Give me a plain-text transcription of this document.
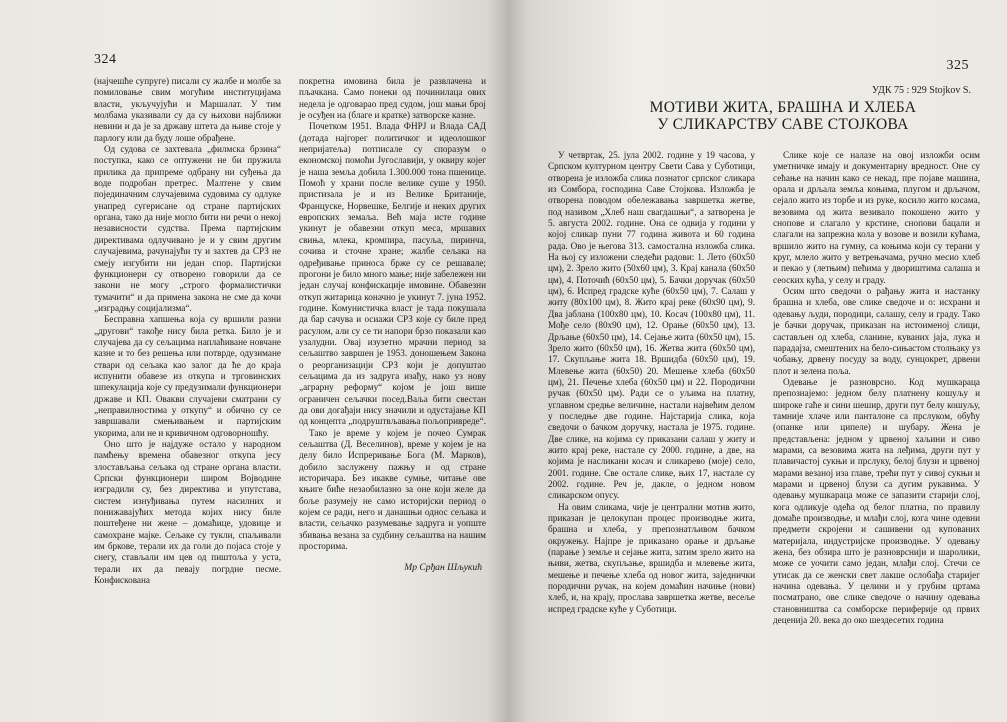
324

(најчешће супруге) писали су жалбе и молбе за помиловање свим могућим институцијама власти, укључујући и Маршалат. У тим молбама указивали су да су њихови најближи невини и да је за државу штета да њиве стоје у парлогу или да буду лоше обрађене.

Од судова се захтевала „филмска брзина“ поступка, како се оптужени не би пружила прилика да припреме одбрану ни суђења да воде подробан претрес. Малтене у свим појединачним случајевима судовима су одлуке унапред сугерисане од стране партијских органа, тако да није могло бити ни речи о некој независности судства. Према партијским директивама одлучивано је и у свим другим случајевима, рачунајући ту и захтев да СРЗ не смеју изгубити ни један споp. Партијски функционери су отворено говорили да се закони не могу „строго формалистички тумачити“ и да примена закона не сме да кочи „изградњу социјализма“.

Бесправна хапшења која су вршили разни „другови“ такође нису била ретка. Било је и случајева да су сељацима наплаћиване новчане казне и то без решења или потврде, одузимане ствари од сељака као залог да ће до краја испунити обавезе из откупа и трговинских шпекулација које су предузимали функционери државе и КП. Овакви случајеви сматрани су „неправилностима у откупу“ и обично су се завршавали смењивањем и партијским укорима, али не и кривичном одговорношћу.

Оно што је најдуже остало у народном памћењу времена обавезног откупа јесу злостављања сељака од стране органа власти. Српски функционери широм Војводине изградили су, без директива и упутстава, систем изнуђивања путем насилних и понижавајућих метода којих нису биле поштеђене ни жене – домаћице, удовице и самохране мајке. Сељаке су тукли, спаљивали им бркове, терали их да голи до појаса стоје у снегу, стављали им цев од пиштоља у уста, терали их да певају погрдне песме. Конфискована

покретна имовина била је развлачена и пљачкана. Само понеки од починилаца ових недела је одговарао пред судом, још мањи број је осуђен на (благе и кратке) затворске казне.

Почетком 1951. Влада ФНРЈ и Влада САД (дотада најгорег политичког и идеолошког непријатеља) потписале су споразум о економској помоћи Југославији, у оквиру којег је наша земља добила 1.300.000 тона пшенице. Помоћ у храни после велике суше у 1950. пристизала је и из Велике Британије, Француске, Норвешке, Белгије и неких других европских земаља. Већ маја исте године укинут је обавезни откуп меса, мршавих свиња, млека, кромпира, пасуља, пиринча, сочива и сточне хране; жалбе сељака на одређивање приноса брже су се решавале; прогони је било много мање; није забележен ни један случај конфискације имовине. Обавезни откуп житарица коначно је укинут 7. јуна 1952. године. Комунистичка власт је тада покушала да бар сачува и осиажи СРЗ које су биле пред расулом, али су се ти напори брзо показали као узалудни. Овај изузетно мрачни период за сељаштво завршен је 1953. доношењем Закона о реорганизацији СРЗ који је допуштао сељацима да из задруга изађу, нако уз нову „аграрну реформу“ којом је још више ограничен сељачки посед.Ваља бити свестан да ови догађаји нису значили и одустајање КП од концепта „подруштвљавања пољопривреде“.

Тако је време у којем је почео Сумрак сељаштва (Д. Веселинов), време у којем је на делу било Испреривање Бога (М. Марков), добило заслужену пажњу и од стране историчара. Без икакве сумње, читање ове књиге биће незаобилазно за оне који желе да боље разумеју не само историјски период о којем се ради, него и данашњи однос сељака и власти, сељачко разумевање задруга и уопште збивања везана за судбину сељаштва на нашим просторима.

Мр Срђан Шљукић
325
УДК 75 : 929 Stojkov S.
МОТИВИ ЖИТА, БРАШНА И ХЛЕБА
У СЛИКАРСТВУ САВЕ СТОЈКОВА

У четвртак, 25. јула 2002. године у 19 часова, у Српском културном центру Свети Сава у Суботици, отворена је изложба слика познатог српског сликара из Сомбора, господина Саве Стојкова. Изложба је отворена поводом обележавања завршетка жетве, под називом „Хлеб наш свагдашњи“, а затворена је 5. августа 2002. године. Она се одвија у години у којој сликар пуни 77 година живота и 60 година рада. Ово је његова 313. самостална изложба слика. На њој су изложени следећи радови: 1. Лето (60х50 цм), 2. Зрело жито (50х60 цм), 3. Крај канала (60х50 цм), 4. Поточић (60х50 цм), 5. Бачки доручак (60х50 цм), 6. Испред градске куће (60х50 цм), 7. Салаш у житу (80х100 цм), 8. Жито крај реке (60х90 цм), 9. Два јаблана (100х80 цм), 10. Косач (100х80 цм), 11. Мође село (80х90 цм), 12. Орање (60х50 цм), 13. Дрљање (60х50 цм), 14. Сејање жита (60х50 цм), 15. Зрело жито (60х50 цм), 16. Жетва жита (60х50 цм), 17. Скупљање жита 18. Вршидба (60х50 цм), 19. Млевење жита (60х50) 20. Мешење хлеба (60х50 цм), 21. Печење хлеба (60х50 цм) и 22. Породични ручак (60х50 цм). Ради се о уљима на платну, углавном средње величине, настали највећим делом у последње две године. Најстарија слика, која сведочи о бачком доручку, настала је 1975. године. Две слике, на којима су приказани салаш у житу и жито крај реке, настале су 2000. године, а две, на којима је насликани косач и сликарево (моје) село, 2001. године. Све остале слике, њих 17, настале су 2002. године. Реч је, дакле, о једном новом сликарском опусу.

На овим сликама, чије је централни мотив жито, приказан је целокупан процес производње жита, брашна и хлеба, у препознатљивом бачком окружењу. Најпре је приказано орање и дрљање (парање ) земље и сејање жита, затим зрело жито на њиви, жетва, скупљање, вршидба и млевење жита, мешење и печење хлеба од новог жита, заједнички породични ручак, на којем домаћин начиње (нови) хлеб, и, на крају, прослава завршетка жетве, весеље испред градске куће у Суботици.

Слике које се налазе на овој изложби осим уметничке имају и документарну вредност. Оне су сећање на начин како се некад, пре појаве машина, орала и дрљала земља коњима, плугом и дрљачом, сејало жито из торбе и из руке, косило жито косама, везовима од жита везивало покошено жито у снопове и слагало у крстине, снопови бацали и слагали на запрежна кола у возове и возили кућама, вршило жито на гумну, са коњима који су терани у круг, млело жито у ветрењачама, ручно месио хлеб и пекао у (летњим) пећима у двориштима салаша и сеоских кућа, у селу и граду.

Осим што сведочи о рађању жита и настанку брашна и хлеба, ове слике сведоче и о: исхрани и одевању људи, породици, салашу, селу и граду. Тако је бачки доручак, приказан на истоименој слици, састављен од хлеба, сланине, куваних јаја, лука и парадајза, смештених на бело-сињастом столњаку уз чобању, дрвену посуду за воду, сунцокрет, дрвени плот и зелена поља.

Одевање је разноврсно. Код мушкараца препознајемо: једном белу платнену кошуљу и широке гаће и сини шешир, други пут белу кошуљу, тамније хлаче или панталоне са прслуком, обућу (опанке или ципеле) и шубару. Жена је представљена: једном у црвеној хаљини и сиво марами, са везовима жита на леђима, други пут у плавичастој сукњи и прслуку, белој блузи и црвеној марами везаној иза главе, трећи пут у сивој сукњи и марами и црвеној блузи са дугим рукавима. У одевању мушкараца може се запазити старији слој, кога одликује одећа од белог платна, по правилу домаће производње, и млађи слој, кога чине одевни предмети скројени и сашивени од купованих материјала, индустријске производње. У одевању жена, без обзира што је разноврснији и шаролики, може се уочити само један, млађи слој. Стечи се утисак да се женски свет лакше ослобађа старијег начина одевања. У целини и у грубим цртама посматрано, ове слике сведоче о начину одевања становништва са сомборске периферије од првих деценија 20. века до око шездесетих година
